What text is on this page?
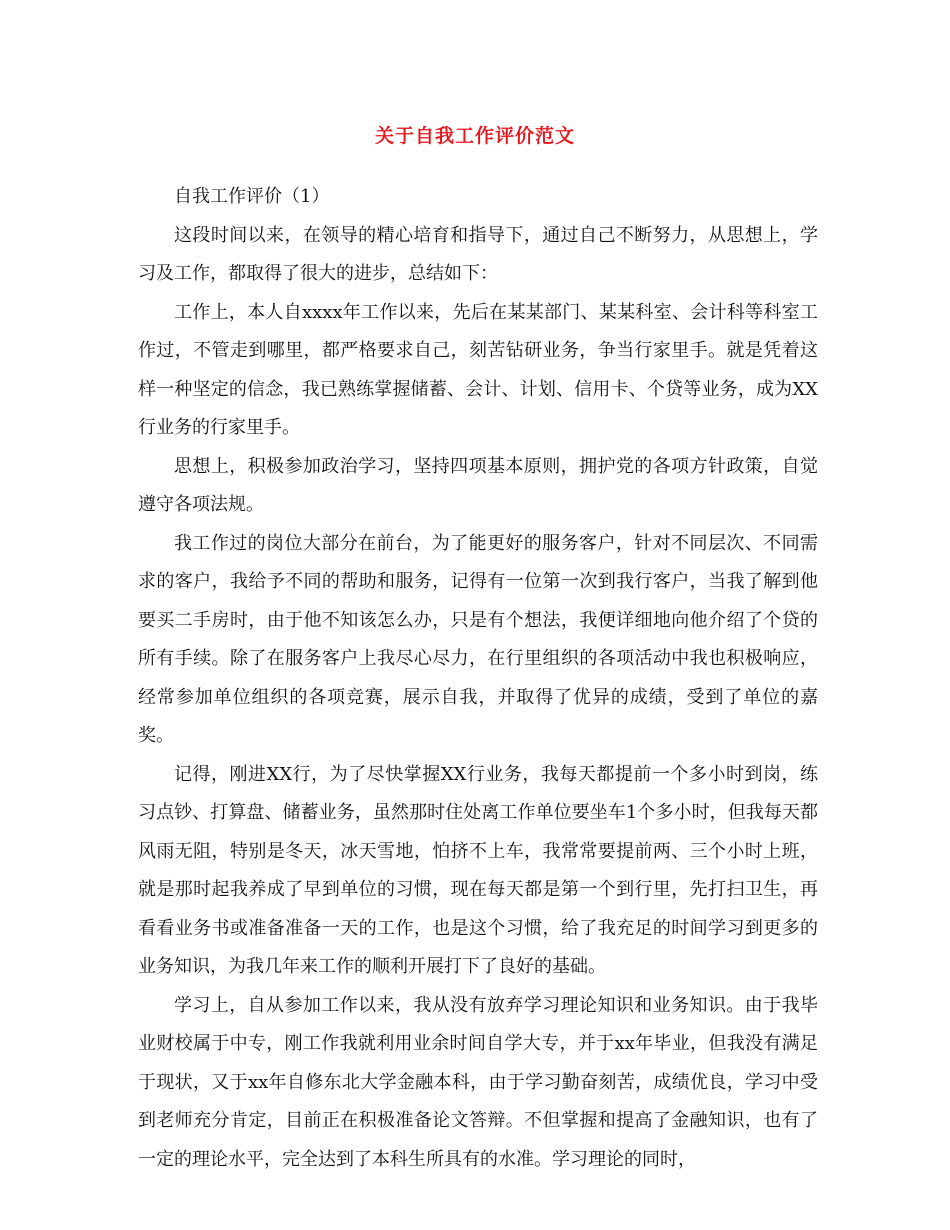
关于自我工作评价范文

自我工作评价（1）

这段时间以来，在领导的精心培育和指导下，通过自己不断努力，从思想上，学习及工作，都取得了很大的进步，总结如下：

工作上，本人自xxxx年工作以来，先后在某某部门、某某科室、会计科等科室工作过，不管走到哪里，都严格要求自己，刻苦钻研业务，争当行家里手。就是凭着这样一种坚定的信念，我已熟练掌握储蓄、会计、计划、信用卡、个贷等业务，成为XX行业务的行家里手。

思想上，积极参加政治学习，坚持四项基本原则，拥护党的各项方针政策，自觉遵守各项法规。

我工作过的岗位大部分在前台，为了能更好的服务客户，针对不同层次、不同需求的客户，我给予不同的帮助和服务，记得有一位第一次到我行客户，当我了解到他要买二手房时，由于他不知该怎么办，只是有个想法，我便详细地向他介绍了个贷的所有手续。除了在服务客户上我尽心尽力，在行里组织的各项活动中我也积极响应，经常参加单位组织的各项竞赛，展示自我，并取得了优异的成绩，受到了单位的嘉奖。

记得，刚进XX行，为了尽快掌握XX行业务，我每天都提前一个多小时到岗，练习点钞、打算盘、储蓄业务，虽然那时住处离工作单位要坐车1个多小时，但我每天都风雨无阻，特别是冬天，冰天雪地，怕挤不上车，我常常要提前两、三个小时上班，就是那时起我养成了早到单位的习惯，现在每天都是第一个到行里，先打扫卫生，再看看业务书或准备准备一天的工作，也是这个习惯，给了我充足的时间学习到更多的业务知识，为我几年来工作的顺利开展打下了良好的基础。

学习上，自从参加工作以来，我从没有放弃学习理论知识和业务知识。由于我毕业财校属于中专，刚工作我就利用业余时间自学大专，并于xx年毕业，但我没有满足于现状，又于xx年自修东北大学金融本科，由于学习勤奋刻苦，成绩优良，学习中受到老师充分肯定，目前正在积极准备论文答辩。不但掌握和提高了金融知识，也有了一定的理论水平，完全达到了本科生所具有的水准。学习理论的同时，
